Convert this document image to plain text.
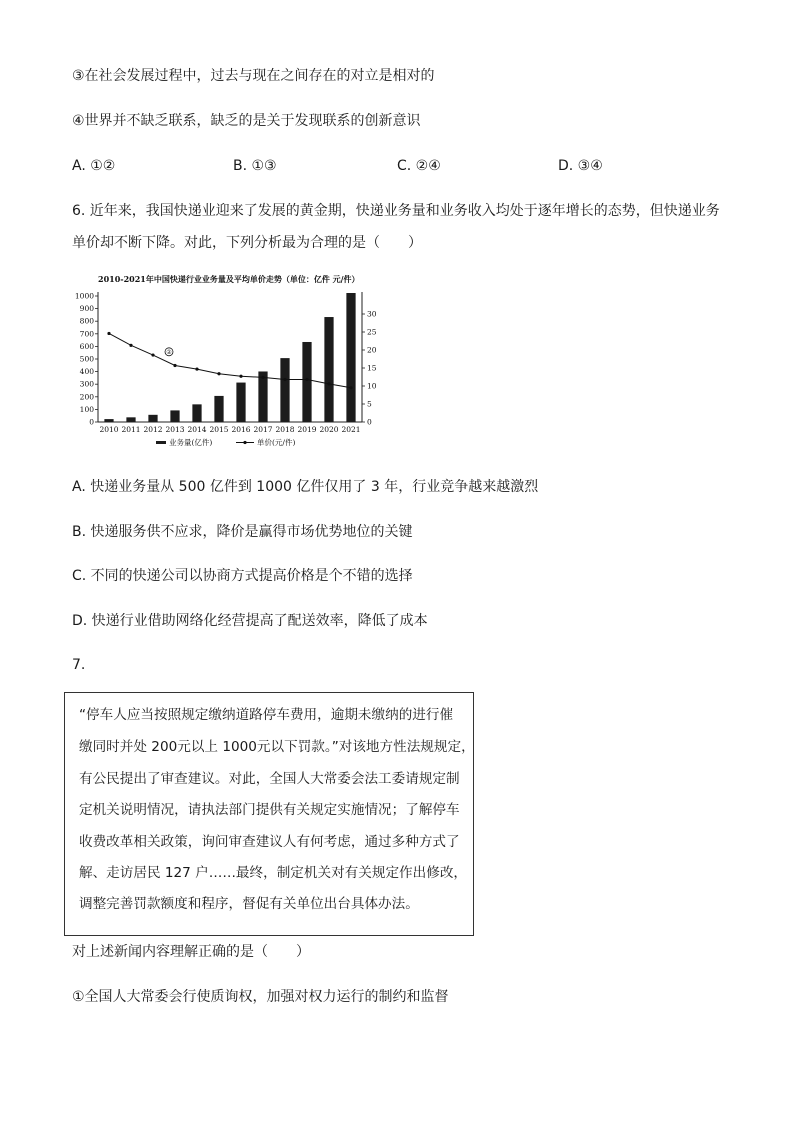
③在社会发展过程中，过去与现在之间存在的对立是相对的
④世界并不缺乏联系，缺乏的是关于发现联系的创新意识
A. ①②	B. ①③	C. ②④	D. ③④
6. 近年来，我国快递业迎来了发展的黄金期，快递业务量和业务收入均处于逐年增长的态势，但快递业务
单价却不断下降。对此，下列分析最为合理的是（　　）
2010-2021年中国快递行业业务量及平均单价走势（单位：亿件 元/件）
1000
900
800
700
600
500
400
300
200
100
0
30
25
20
15
10
5
0
2010 2011 2012 2013 2014 2015 2016 2017 2018 2019 2020 2021
②
业务量(亿件)	单价(元/件)
A. 快递业务量从 500 亿件到 1000 亿件仅用了 3 年，行业竞争越来越激烈
B. 快递服务供不应求，降价是赢得市场优势地位的关键
C. 不同的快递公司以协商方式提高价格是个不错的选择
D. 快递行业借助网络化经营提高了配送效率，降低了成本
7.
“停车人应当按照规定缴纳道路停车费用，逾期未缴纳的进行催
缴同时并处 200元以上 1000元以下罚款。”对该地方性法规规定，
有公民提出了审查建议。对此，全国人大常委会法工委请规定制
定机关说明情况，请执法部门提供有关规定实施情况；了解停车
收费改革相关政策，询问审查建议人有何考虑，通过多种方式了
解、走访居民 127 户……最终，制定机关对有关规定作出修改，
调整完善罚款额度和程序，督促有关单位出台具体办法。
对上述新闻内容理解正确的是（　　）
①全国人大常委会行使质询权，加强对权力运行的制约和监督
